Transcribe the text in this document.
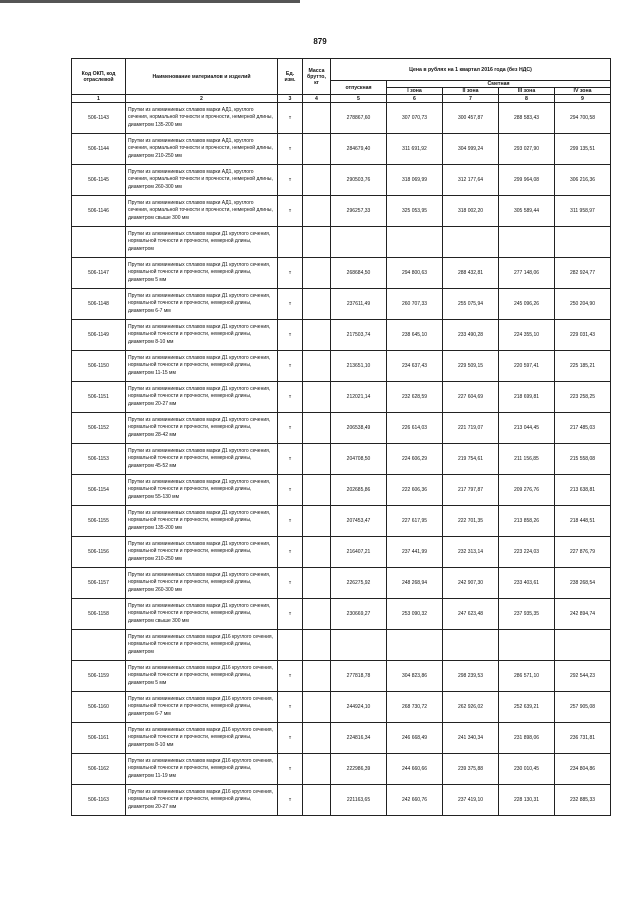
879
Код ОКП, код отраслевой	Наименование материалов и изделий	Ед. изм.	Масса брутто, кг	Цена в рублях на 1 квартал 2016 года (без НДС)				
				отпускная	Сметная			
					I зона	II зона	III зона	IV зона
1	2	3	4	5	6	7	8	9
506-1143	Прутки из алюминиевых сплавов марки АД1, круглого сечения, нормальной точности и прочности, немерной длины, диаметром 135-200 мм	т		278867,60	307 070,73	300 457,87	288 583,43	294 700,58
506-1144	Прутки из алюминиевых сплавов марки АД1, круглого сечения, нормальной точности и прочности, немерной длины, диаметром 210-250 мм	т		284679,40	311 691,92	304 999,24	293 027,90	299 135,51
506-1145	Прутки из алюминиевых сплавов марки АД1, круглого сечения, нормальной точности и прочности, немерной длины, диаметром 260-300 мм	т		290503,76	318 069,99	312 177,64	299 964,08	306 216,36
506-1146	Прутки из алюминиевых сплавов марки АД1, круглого сечения, нормальной точности и прочности, немерной длины, диаметром свыше 300 мм	т		296257,33	325 053,95	318 002,20	305 589,44	311 958,97
	Прутки из алюминиевых сплавов марки Д1 круглого сечения, нормальной точности и прочности, немерной длины, диаметром							
506-1147	Прутки из алюминиевых сплавов марки Д1 круглого сечения, нормальной точности и прочности, немерной длины, диаметром 5 мм	т		268684,50	294 800,63	288 432,81	277 148,06	282 924,77
506-1148	Прутки из алюминиевых сплавов марки Д1 круглого сечения, нормальной точности и прочности, немерной длины, диаметром 6-7 мм	т		237611,49	260 707,33	255 075,94	245 096,26	250 204,90
506-1149	Прутки из алюминиевых сплавов марки Д1 круглого сечения, нормальной точности и прочности, немерной длины, диаметром 8-10 мм	т		217503,74	238 645,10	233 490,28	224 355,10	229 031,43
506-1150	Прутки из алюминиевых сплавов марки Д1 круглого сечения, нормальной точности и прочности, немерной длины, диаметром 11-15 мм	т		213651,10	234 637,43	229 509,15	220 597,41	225 185,21
506-1151	Прутки из алюминиевых сплавов марки Д1 круглого сечения, нормальной точности и прочности, немерной длины, диаметром 20-27 мм	т		212021,14	232 628,59	227 604,69	218 699,81	223 258,25
506-1152	Прутки из алюминиевых сплавов марки Д1 круглого сечения, нормальной точности и прочности, немерной длины, диаметром 28-42 мм	т		206538,49	226 614,03	221 719,07	213 044,45	217 485,03
506-1153	Прутки из алюминиевых сплавов марки Д1 круглого сечения, нормальной точности и прочности, немерной длины, диаметром 45-52 мм	т		204708,50	224 606,29	219 754,61	211 156,85	215 558,08
506-1154	Прутки из алюминиевых сплавов марки Д1 круглого сечения, нормальной точности и прочности, немерной длины, диаметром 55-130 мм	т		202685,86	222 606,36	217 797,87	209 276,76	213 638,81
506-1155	Прутки из алюминиевых сплавов марки Д1 круглого сечения, нормальной точности и прочности, немерной длины, диаметром 135-200 мм	т		207453,47	227 617,95	222 701,35	213 858,26	218 448,51
506-1156	Прутки из алюминиевых сплавов марки Д1 круглого сечения, нормальной точности и прочности, немерной длины, диаметром 210-250 мм	т		216407,21	237 441,99	232 313,14	223 224,03	227 876,79
506-1157	Прутки из алюминиевых сплавов марки Д1 круглого сечения, нормальной точности и прочности, немерной длины, диаметром 260-300 мм	т		226275,92	248 268,94	242 907,30	233 403,61	238 268,54
506-1158	Прутки из алюминиевых сплавов марки Д1 круглого сечения, нормальной точности и прочности, немерной длины, диаметром свыше 300 мм	т		230669,27	253 090,32	247 623,48	237 935,35	242 894,74
	Прутки из алюминиевых сплавов марки Д16 круглого сечения, нормальной точности и прочности, немерной длины, диаметром							
506-1159	Прутки из алюминиевых сплавов марки Д16 круглого сечения, нормальной точности и прочности, немерной длины, диаметром 5 мм	т		277818,78	304 823,86	298 239,53	286 571,10	292 544,23
506-1160	Прутки из алюминиевых сплавов марки Д16 круглого сечения, нормальной точности и прочности, немерной длины, диаметром 6-7 мм	т		244924,10	268 730,72	262 926,02	252 639,21	257 905,08
506-1161	Прутки из алюминиевых сплавов марки Д16 круглого сечения, нормальной точности и прочности, немерной длины, диаметром 8-10 мм	т		224816,34	246 668,49	241 340,34	231 898,06	236 731,81
506-1162	Прутки из алюминиевых сплавов марки Д16 круглого сечения, нормальной точности и прочности, немерной длины, диаметром 11-19 мм	т		222986,39	244 660,66	239 375,88	230 010,45	234 804,86
506-1163	Прутки из алюминиевых сплавов марки Д16 круглого сечения, нормальной точности и прочности, немерной длины, диаметром 20-27 мм	т		221163,65	242 660,76	237 419,10	228 130,31	232 885,33
